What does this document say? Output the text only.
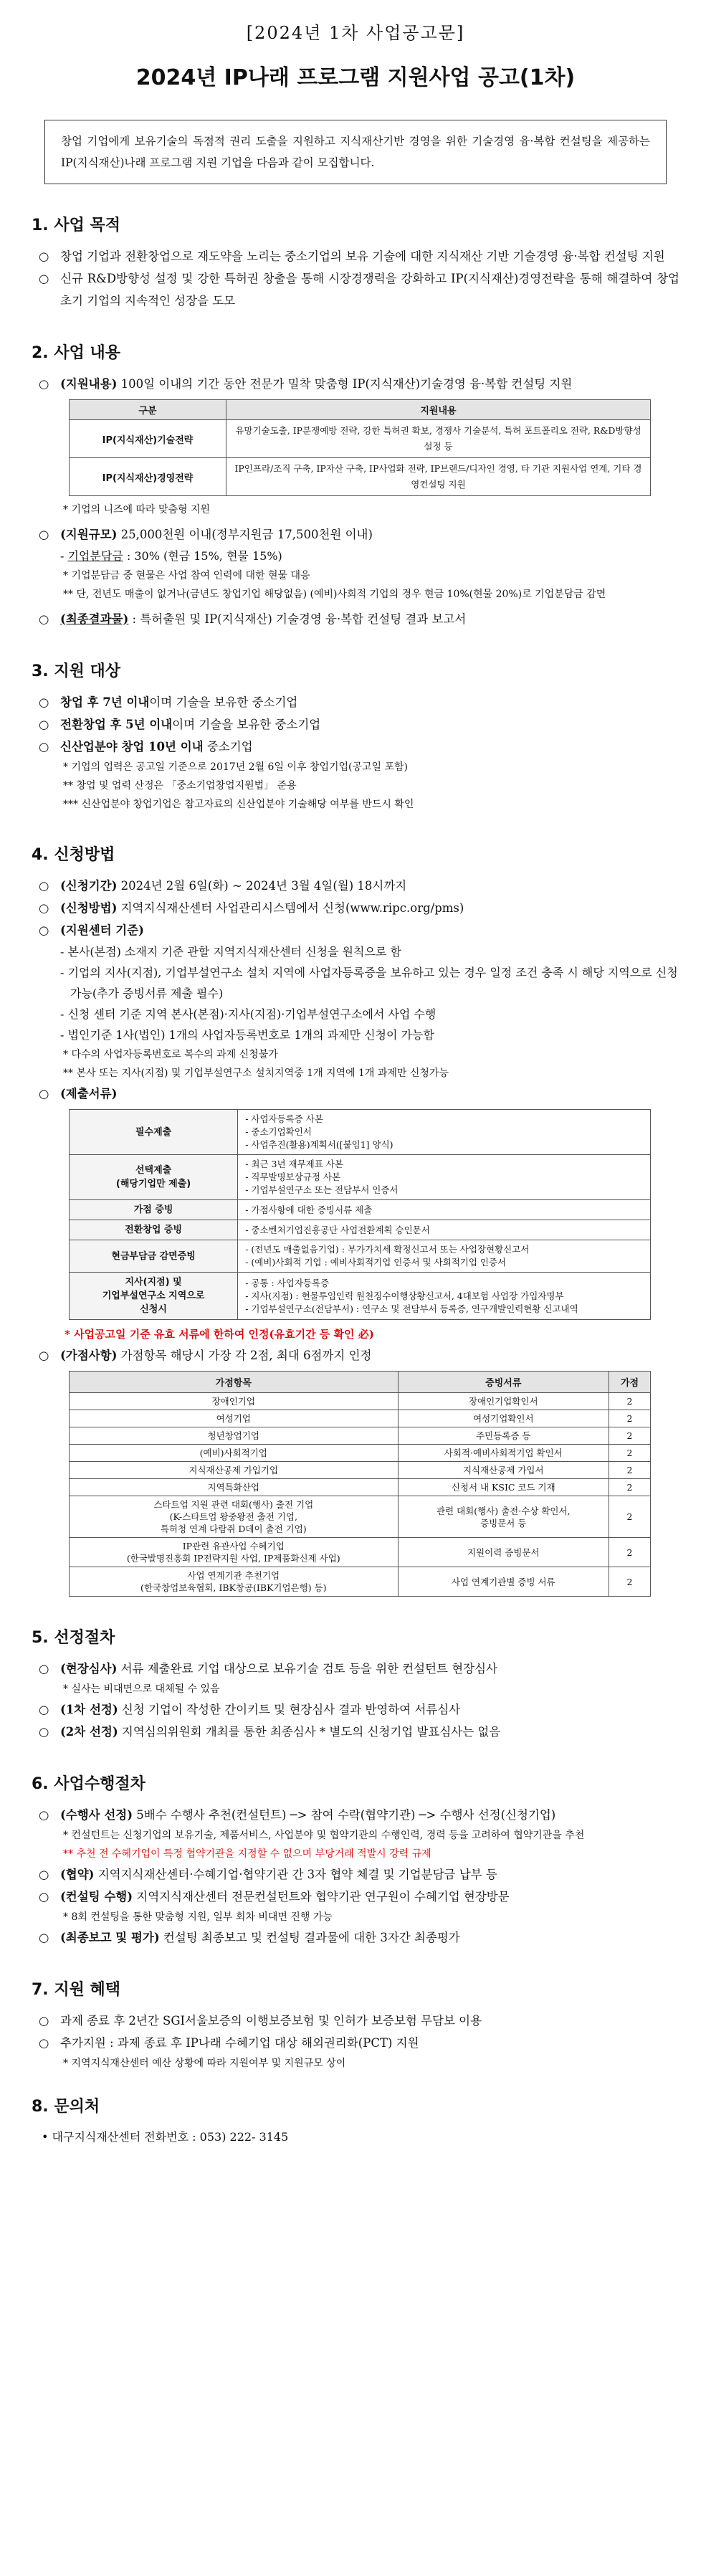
[2024년 1차 사업공고문]
2024년 IP나래 프로그램 지원사업 공고(1차)
창업 기업에게 보유기술의 독점적 권리 도출을 지원하고 지식재산기반 경영을 위한 기술경영 융·복합 컨설팅을 제공하는 IP(지식재산)나래 프로그램 지원 기업을 다음과 같이 모집합니다.
1. 사업 목적
○ 창업 기업과 전환창업으로 재도약을 노리는 중소기업의 보유 기술에 대한 지식재산 기반 기술경영 융·복합 컨설팅 지원
○ 신규 R&D방향성 설정 및 강한 특허권 창출을 통해 시장경쟁력을 강화하고 IP(지식재산)경영전략을 통해 해결하여 창업 초기 기업의 지속적인 성장을 도모
2. 사업 내용
○ (지원내용) 100일 이내의 기간 동안 전문가 밀착 맞춤형 IP(지식재산)기술경영 융·복합 컨설팅 지원
구분	지원내용
IP(지식재산)기술전략	유망기술도출, IP분쟁예방 전략, 강한 특허권 확보, 경쟁사 기술분석, 특허 포트폴리오 전략, R&D방향성 설정 등
IP(지식재산)경영전략	IP인프라/조직 구축, IP자산 구축, IP사업화 전략, IP브랜드/디자인 경영, 타 기관 지원사업 연계, 기타 경영컨설팅 지원
* 기업의 니즈에 따라 맞춤형 지원
○ (지원규모) 25,000천원 이내(정부지원금 17,500천원 이내)
- 기업분담금 : 30% (현금 15%, 현물 15%)
* 기업분담금 중 현물은 사업 참여 인력에 대한 현물 대응
** 단, 전년도 매출이 없거나(금년도 창업기업 해당없음) (예비)사회적 기업의 경우 현금 10%(현물 20%)로 기업분담금 감면
○ (최종결과물) : 특허출원 및 IP(지식재산) 기술경영 융·복합 컨설팅 결과 보고서
3. 지원 대상
○ 창업 후 7년 이내이며 기술을 보유한 중소기업
○ 전환창업 후 5년 이내이며 기술을 보유한 중소기업
○ 신산업분야 창업 10년 이내 중소기업
* 기업의 업력은 공고일 기준으로 2017년 2월 6일 이후 창업기업(공고일 포함)
** 창업 및 업력 산정은 「중소기업창업지원법」 준용
*** 신산업분야 창업기업은 참고자료의 신산업분야 기술해당 여부를 반드시 확인
4. 신청방법
○ (신청기간) 2024년 2월 6일(화) ~ 2024년 3월 4일(월) 18시까지
○ (신청방법) 지역지식재산센터 사업관리시스템에서 신청(www.ripc.org/pms)
○ (지원센터 기준)
- 본사(본점) 소재지 기준 관할 지역지식재산센터 신청을 원칙으로 함
- 기업의 지사(지점), 기업부설연구소 설치 지역에 사업자등록증을 보유하고 있는 경우 일정 조건 충족 시 해당 지역으로 신청 가능(추가 증빙서류 제출 필수)
- 신청 센터 기준 지역 본사(본점)·지사(지점)·기업부설연구소에서 사업 수행
- 법인기준 1사(법인) 1개의 사업자등록번호로 1개의 과제만 신청이 가능함
* 다수의 사업자등록번호로 복수의 과제 신청불가
** 본사 또는 지사(지점) 및 기업부설연구소 설치지역중 1개 지역에 1개 과제만 신청가능
○ (제출서류)
필수제출	- 사업자등록증 사본
- 중소기업확인서
- 사업추진(활용)계획서([붙임1] 양식)
선택제출
(해당기업만 제출)	- 최근 3년 재무제표 사본
- 직무발명보상규정 사본
- 기업부설연구소 또는 전담부서 인증서
가점 증빙	- 가점사항에 대한 증빙서류 제출
전환창업 증빙	- 중소벤처기업진흥공단 사업전환계획 승인문서
현금부담금 감면증빙	- (전년도 매출없음기업) : 부가가치세 확정신고서 또는 사업장현황신고서
- (예비)사회적 기업 : 예비사회적기업 인증서 및 사회적기업 인증서
지사(지점) 및
기업부설연구소 지역으로
신청시	- 공통 : 사업자등록증
- 지사(지점) : 현물투입인력 원천징수이행상황신고서, 4대보험 사업장 가입자명부
- 기업부설연구소(전담부서) : 연구소 및 전담부서 등록증, 연구개발인력현황 신고내역
* 사업공고일 기준 유효 서류에 한하여 인정(유효기간 등 확인 必)
○ (가점사항) 가점항목 해당시 가장 각 2점, 최대 6점까지 인정
가점항목	증빙서류	가점
장애인기업	장애인기업확인서	2
여성기업	여성기업확인서	2
청년창업기업	주민등록증 등	2
(예비)사회적기업	사회적·예비사회적기업 확인서	2
지식재산공제 가입기업	지식재산공제 가입서	2
지역특화산업	신청서 내 KSIC 코드 기재	2
스타트업 지원 관련 대회(행사) 출전 기업
(K-스타트업 왕중왕전 출전 기업,
특허청 연계 다람쥐 D데이 출전 기업)	관련 대회(행사) 출전·수상 확인서,
증빙문서 등	2
IP관련 유관사업 수혜기업
(한국발명진흥회 IP전략지원 사업, IP제품화신제 사업)	지원이력 증빙문서	2
사업 연계기관 추천기업
(한국창업보육협회, IBK창공(IBK기업은행) 등)	사업 연계기관별 증빙 서류	2
5. 선정절차
○ (현장심사) 서류 제출완료 기업 대상으로 보유기술 검토 등을 위한 컨설턴트 현장심사
* 실사는 비대면으로 대체될 수 있음
○ (1차 선정) 신청 기업이 작성한 간이키트 및 현장심사 결과 반영하여 서류심사
○ (2차 선정) 지역심의위원회 개최를 통한 최종심사 * 별도의 신청기업 발표심사는 없음
6. 사업수행절차
○ (수행사 선정) 5배수 수행사 추천(컨설턴트) ─> 참여 수락(협약기관) ─> 수행사 선정(신청기업)
* 컨설턴트는 신청기업의 보유기술, 제품서비스, 사업분야 및 협약기관의 수행인력, 경력 등을 고려하여 협약기관을 추천
** 추천 전 수혜기업이 특정 협약기관을 지정할 수 없으며 부당거래 적발시 강력 규제
○ (협약) 지역지식재산센터·수혜기업·협약기관 간 3자 협약 체결 및 기업분담금 납부 등
○ (컨설팅 수행) 지역지식재산센터 전문컨설턴트와 협약기관 연구원이 수혜기업 현장방문
* 8회 컨설팅을 통한 맞춤형 지원, 일부 회차 비대면 진행 가능
○ (최종보고 및 평가) 컨설팅 최종보고 및 컨설팅 결과물에 대한 3자간 최종평가
7. 지원 혜택
○ 과제 종료 후 2년간 SGI서울보증의 이행보증보험 및 인허가 보증보험 무담보 이용
○ 추가지원 : 과제 종료 후 IP나래 수혜기업 대상 해외권리화(PCT) 지원
* 지역지식재산센터 예산 상황에 따라 지원여부 및 지원규모 상이
8. 문의처
• 대구지식재산센터 전화번호 : 053) 222- 3145
